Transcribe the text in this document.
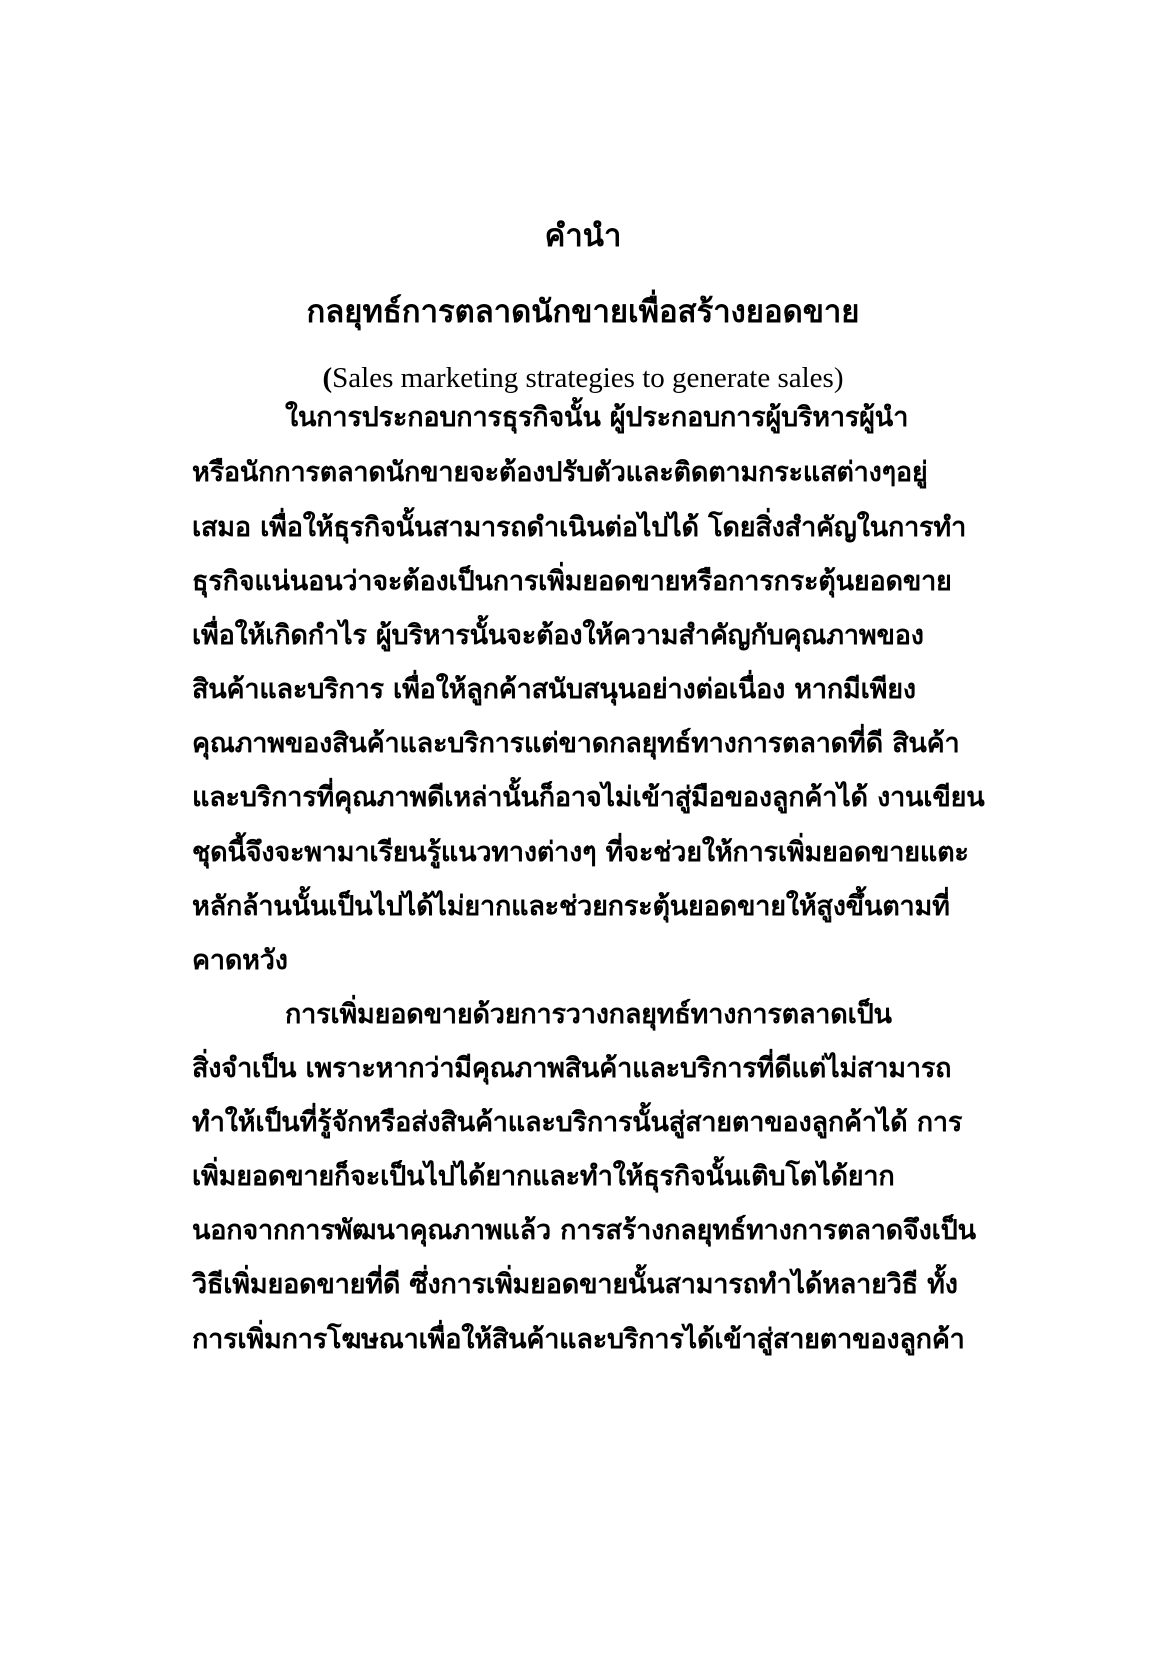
คำนำ
กลยุทธ์การตลาดนักขายเพื่อสร้างยอดขาย
(Sales marketing strategies to generate sales)
ในการประกอบการธุรกิจนั้น ผู้ประกอบการผู้บริหารผู้นำ
หรือนักการตลาดนักขายจะต้องปรับตัวและติดตามกระแสต่างๆอยู่
เสมอ เพื่อให้ธุรกิจนั้นสามารถดำเนินต่อไปได้ โดยสิ่งสำคัญในการทำ
ธุรกิจแน่นอนว่าจะต้องเป็นการเพิ่มยอดขายหรือการกระตุ้นยอดขาย
เพื่อให้เกิดกำไร ผู้บริหารนั้นจะต้องให้ความสำคัญกับคุณภาพของ
สินค้าและบริการ เพื่อให้ลูกค้าสนับสนุนอย่างต่อเนื่อง หากมีเพียง
คุณภาพของสินค้าและบริการแต่ขาดกลยุทธ์ทางการตลาดที่ดี สินค้า
และบริการที่คุณภาพดีเหล่านั้นก็อาจไม่เข้าสู่มือของลูกค้าได้ งานเขียน
ชุดนี้จึงจะพามาเรียนรู้แนวทางต่างๆ ที่จะช่วยให้การเพิ่มยอดขายแตะ
หลักล้านนั้นเป็นไปได้ไม่ยากและช่วยกระตุ้นยอดขายให้สูงขึ้นตามที่
คาดหวัง
การเพิ่มยอดขายด้วยการวางกลยุทธ์ทางการตลาดเป็น
สิ่งจำเป็น เพราะหากว่ามีคุณภาพสินค้าและบริการที่ดีแต่ไม่สามารถ
ทำให้เป็นที่รู้จักหรือส่งสินค้าและบริการนั้นสู่สายตาของลูกค้าได้ การ
เพิ่มยอดขายก็จะเป็นไปได้ยากและทำให้ธุรกิจนั้นเติบโตได้ยาก
นอกจากการพัฒนาคุณภาพแล้ว การสร้างกลยุทธ์ทางการตลาดจึงเป็น
วิธีเพิ่มยอดขายที่ดี ซึ่งการเพิ่มยอดขายนั้นสามารถทำได้หลายวิธี ทั้ง
การเพิ่มการโฆษณาเพื่อให้สินค้าและบริการได้เข้าสู่สายตาของลูกค้า
